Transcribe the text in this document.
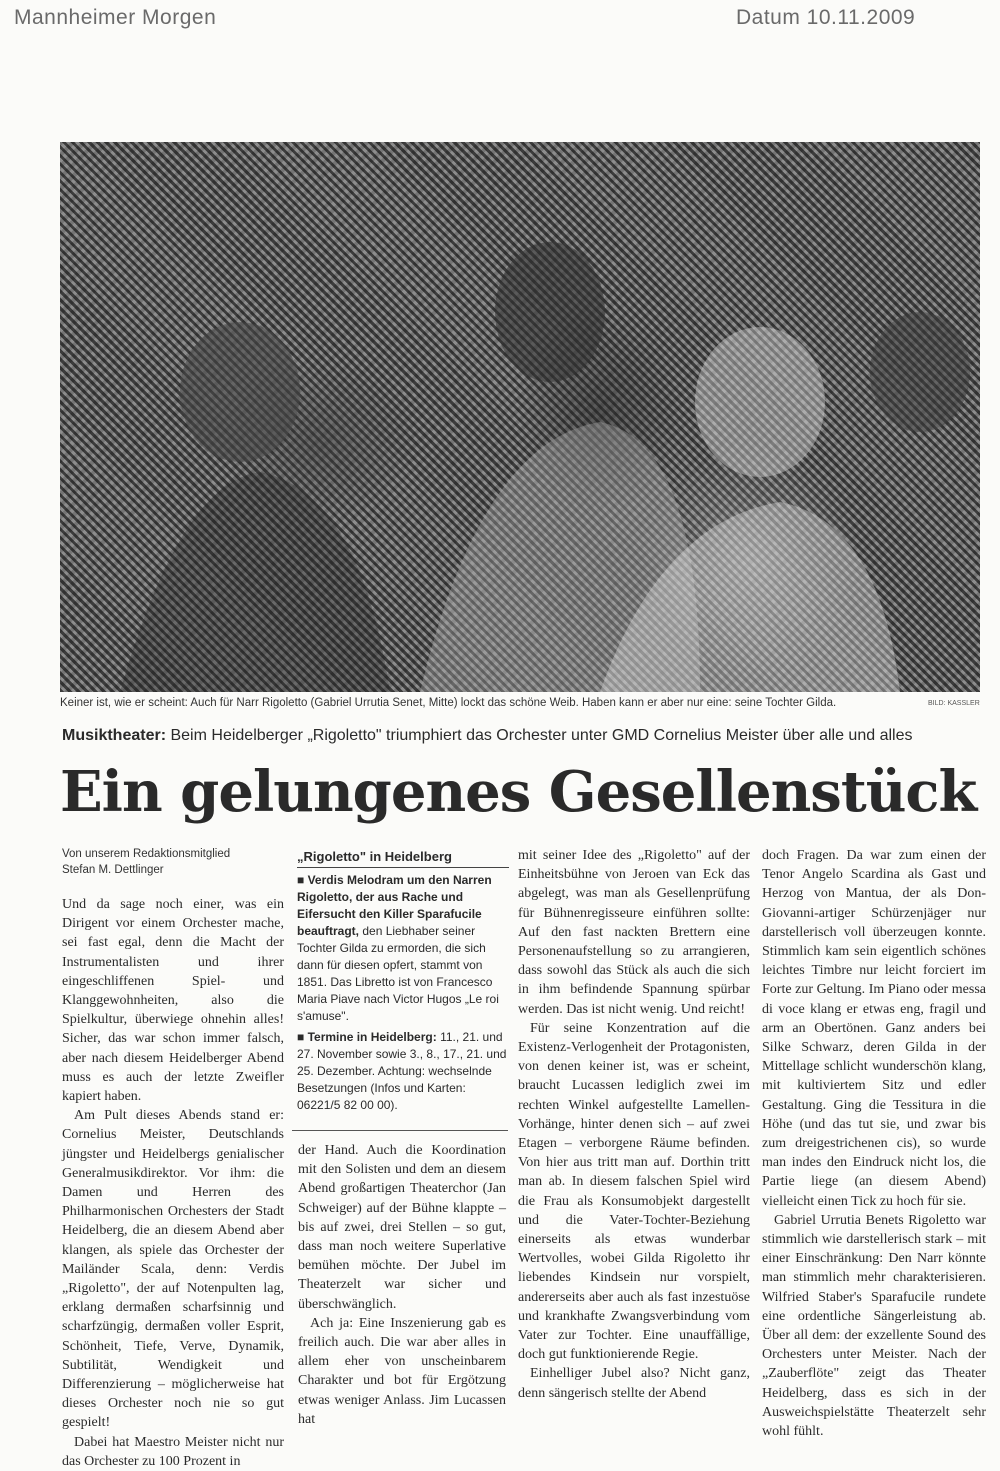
Mannheimer Morgen	Datum 10.11.2009
Keiner ist, wie er scheint: Auch für Narr Rigoletto (Gabriel Urrutia Senet, Mitte) lockt das schöne Weib. Haben kann er aber nur eine: seine Tochter Gilda.	BILD: KASSLER
Musiktheater: Beim Heidelberger „Rigoletto" triumphiert das Orchester unter GMD Cornelius Meister über alle und alles
Ein gelungenes Gesellenstück
Von unserem Redaktionsmitglied
Stefan M. Dettlinger

Und da sage noch einer, was ein Dirigent vor einem Orchester mache, sei fast egal, denn die Macht der Instrumentalisten und ihrer eingeschliffenen Spiel- und Klanggewohnheiten, also die Spielkultur, überwiege ohnehin alles! Sicher, das war schon immer falsch, aber nach diesem Heidelberger Abend muss es auch der letzte Zweifler kapiert haben.

Am Pult dieses Abends stand er: Cornelius Meister, Deutschlands jüngster und Heidelbergs genialischer Generalmusikdirektor. Vor ihm: die Damen und Herren des Philharmonischen Orchesters der Stadt Heidelberg, die an diesem Abend aber klangen, als spiele das Orchester der Mailänder Scala, denn: Verdis „Rigoletto", der auf Notenpulten lag, erklang dermaßen scharfsinnig und scharfzüngig, dermaßen voller Esprit, Schönheit, Tiefe, Verve, Dynamik, Subtilität, Wendigkeit und Differenzierung – möglicherweise hat dieses Orchester noch nie so gut gespielt!

Dabei hat Maestro Meister nicht nur das Orchester zu 100 Prozent in

„Rigoletto" in Heidelberg

■ Verdis Melodram um den Narren Rigoletto, der aus Rache und Eifersucht den Killer Sparafucile beauftragt, den Liebhaber seiner Tochter Gilda zu ermorden, die sich dann für diesen opfert, stammt von 1851. Das Libretto ist von Francesco Maria Piave nach Victor Hugos „Le roi s'amuse".

■ Termine in Heidelberg: 11., 21. und 27. November sowie 3., 8., 17., 21. und 25. Dezember. Achtung: wechselnde Besetzungen (Infos und Karten: 06221/5 82 00 00).

der Hand. Auch die Koordination mit den Solisten und dem an diesem Abend großartigen Theaterchor (Jan Schweiger) auf der Bühne klappte – bis auf zwei, drei Stellen – so gut, dass man noch weitere Superlative bemühen möchte. Der Jubel im Theaterzelt war sicher und überschwänglich.

Ach ja: Eine Inszenierung gab es freilich auch. Die war aber alles in allem eher von unscheinbarem Charakter und bot für Ergötzung etwas weniger Anlass. Jim Lucassen hat

mit seiner Idee des „Rigoletto" auf der Einheitsbühne von Jeroen van Eck das abgelegt, was man als Gesellenprüfung für Bühnenregisseure einführen sollte: Auf den fast nackten Brettern eine Personenaufstellung so zu arrangieren, dass sowohl das Stück als auch die sich in ihm befindende Spannung spürbar werden. Das ist nicht wenig. Und reicht!

Für seine Konzentration auf die Existenz-Verlogenheit der Protagonisten, von denen keiner ist, was er scheint, braucht Lucassen lediglich zwei im rechten Winkel aufgestellte Lamellen-Vorhänge, hinter denen sich – auf zwei Etagen – verborgene Räume befinden. Von hier aus tritt man auf. Dorthin tritt man ab. In diesem falschen Spiel wird die Frau als Konsumobjekt dargestellt und die Vater-Tochter-Beziehung einerseits als etwas wunderbar Wertvolles, wobei Gilda Rigoletto ihr liebendes Kindsein nur vorspielt, andererseits aber auch als fast inzestuöse und krankhafte Zwangsverbindung vom Vater zur Tochter. Eine unauffällige, doch gut funktionierende Regie.

Einhelliger Jubel also? Nicht ganz, denn sängerisch stellte der Abend

doch Fragen. Da war zum einen der Tenor Angelo Scardina als Gast und Herzog von Mantua, der als Don-Giovanni-artiger Schürzenjäger nur darstellerisch voll überzeugen konnte. Stimmlich kam sein eigentlich schönes leichtes Timbre nur leicht forciert im Forte zur Geltung. Im Piano oder messa di voce klang er etwas eng, fragil und arm an Obertönen. Ganz anders bei Silke Schwarz, deren Gilda in der Mittellage schlicht wunderschön klang, mit kultiviertem Sitz und edler Gestaltung. Ging die Tessitura in die Höhe (und das tut sie, und zwar bis zum dreigestrichenen cis), so wurde man indes den Eindruck nicht los, die Partie liege (an diesem Abend) vielleicht einen Tick zu hoch für sie.

Gabriel Urrutia Benets Rigoletto war stimmlich wie darstellerisch stark – mit einer Einschränkung: Den Narr könnte man stimmlich mehr charakterisieren. Wilfried Staber's Sparafucile rundete eine ordentliche Sängerleistung ab. Über all dem: der exzellente Sound des Orchesters unter Meister. Nach der „Zauberflöte" zeigt das Theater Heidelberg, dass es sich in der Ausweichspielstätte Theaterzelt sehr wohl fühlt.
